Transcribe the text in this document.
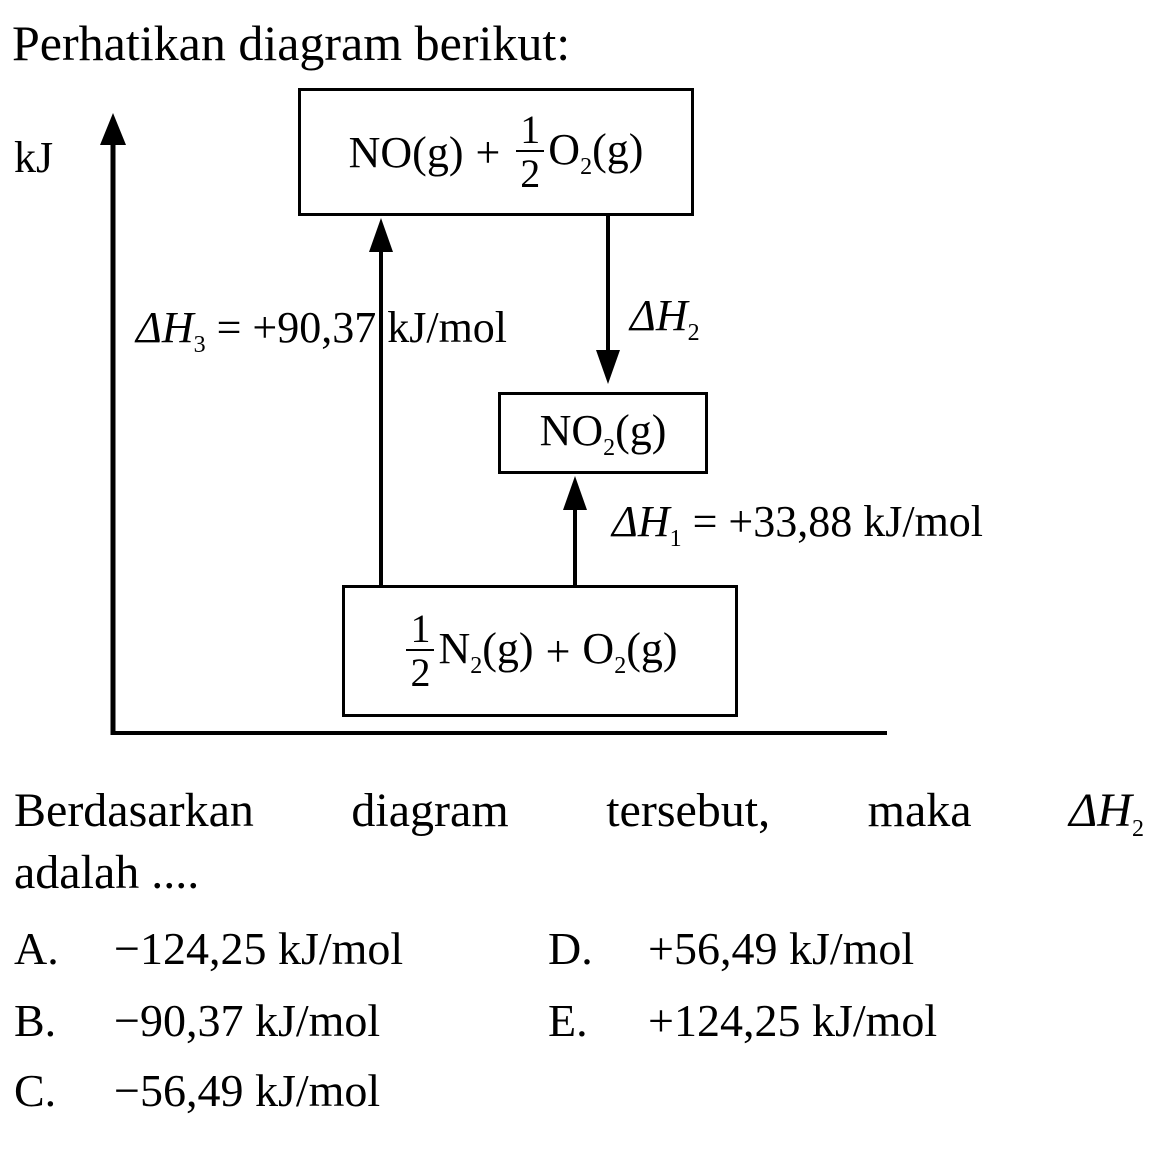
Perhatikan diagram berikut:
kJ	$NO(g) + \frac{1}{2} O_2(g)$
$NO_2(g)$
$\frac{1}{2} N_2(g) + O_2(g)$
$\Delta H_3 = +90,37$ kJ/mol	$\Delta H_2$
$\Delta H_1 = +33,88$ kJ/mol
Berdasarkan diagram tersebut, maka $\Delta H_2$
adalah ....
A. −124,25 kJ/mol
B. −90,37 kJ/mol
C. −56,49 kJ/mol
D. +56,49 kJ/mol
E. +124,25 kJ/mol
